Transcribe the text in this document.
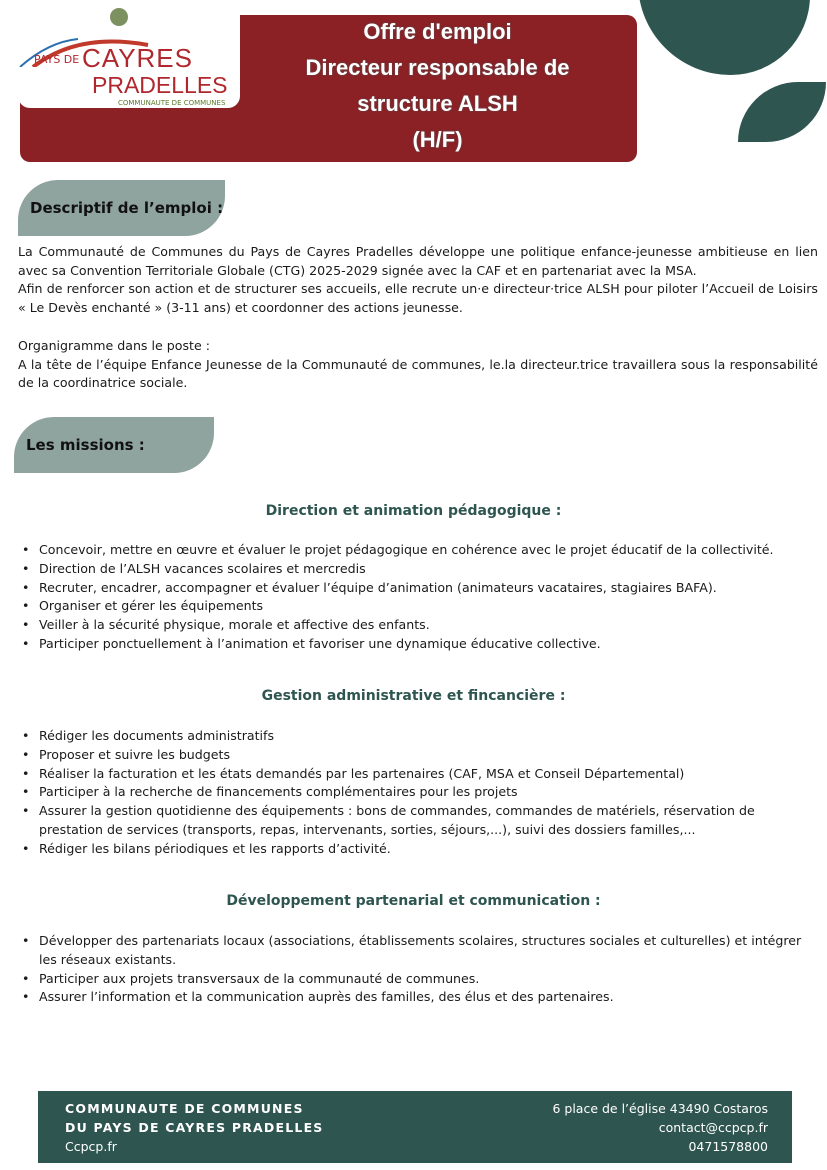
Offre d'emploi
Directeur responsable de
structure ALSH
(H/F)
PAYS DE CAYRES
PRADELLES
COMMUNAUTE DE COMMUNES
Descriptif de l’emploi :
La Communauté de Communes du Pays de Cayres Pradelles développe une politique enfance-jeunesse ambitieuse en lien avec sa Convention Territoriale Globale (CTG) 2025-2029 signée avec la CAF et en partenariat avec la MSA.
Afin de renforcer son action et de structurer ses accueils, elle recrute un·e directeur·trice ALSH pour piloter l’Accueil de Loisirs « Le Devès enchanté » (3-11 ans) et coordonner des actions jeunesse.
Organigramme dans le poste :
A la tête de l’équipe Enfance Jeunesse de la Communauté de communes, le.la directeur.trice travaillera sous la responsabilité de la coordinatrice sociale.
Les missions :
Direction et animation pédagogique :
• Concevoir, mettre en œuvre et évaluer le projet pédagogique en cohérence avec le projet éducatif de la collectivité.
• Direction de l’ALSH vacances scolaires et mercredis
• Recruter, encadrer, accompagner et évaluer l’équipe d’animation (animateurs vacataires, stagiaires BAFA).
• Organiser et gérer les équipements
• Veiller à la sécurité physique, morale et affective des enfants.
• Participer ponctuellement à l’animation et favoriser une dynamique éducative collective.
Gestion administrative et fincancière :
• Rédiger les documents administratifs
• Proposer et suivre les budgets
• Réaliser la facturation et les états demandés par les partenaires (CAF, MSA et Conseil Départemental)
• Participer à la recherche de financements complémentaires pour les projets
• Assurer la gestion quotidienne des équipements : bons de commandes, commandes de matériels, réservation de prestation de services (transports, repas, intervenants, sorties, séjours,...), suivi des dossiers familles,...
• Rédiger les bilans périodiques et les rapports d’activité.
Développement partenarial et communication :
• Développer des partenariats locaux (associations, établissements scolaires, structures sociales et culturelles) et intégrer les réseaux existants.
• Participer aux projets transversaux de la communauté de communes.
• Assurer l’information et la communication auprès des familles, des élus et des partenaires.
COMMUNAUTE DE COMMUNES
DU PAYS DE CAYRES PRADELLES
Ccpcp.fr
6 place de l’église 43490 Costaros
contact@ccpcp.fr
0471578800
